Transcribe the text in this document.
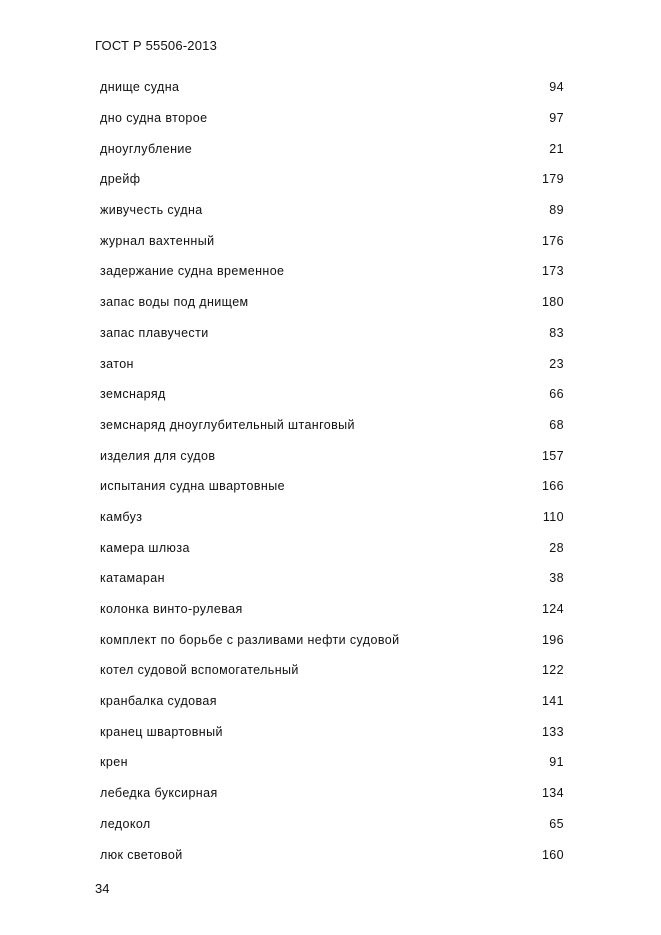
ГОСТ Р 55506-2013
днище судна	94
дно судна второе	97
дноуглубление	21
дрейф	179
живучесть судна	89
журнал вахтенный	176
задержание судна временное	173
запас воды под днищем	180
запас плавучести	83
затон	23
земснаряд	66
земснаряд дноуглубительный штанговый	68
изделия для судов	157
испытания судна швартовные	166
камбуз	110
камера шлюза	28
катамаран	38
колонка винто-рулевая	124
комплект по борьбе с разливами нефти судовой	196
котел судовой вспомогательный	122
кранбалка судовая	141
кранец швартовный	133
крен	91
лебедка буксирная	134
ледокол	65
люк световой	160
34
